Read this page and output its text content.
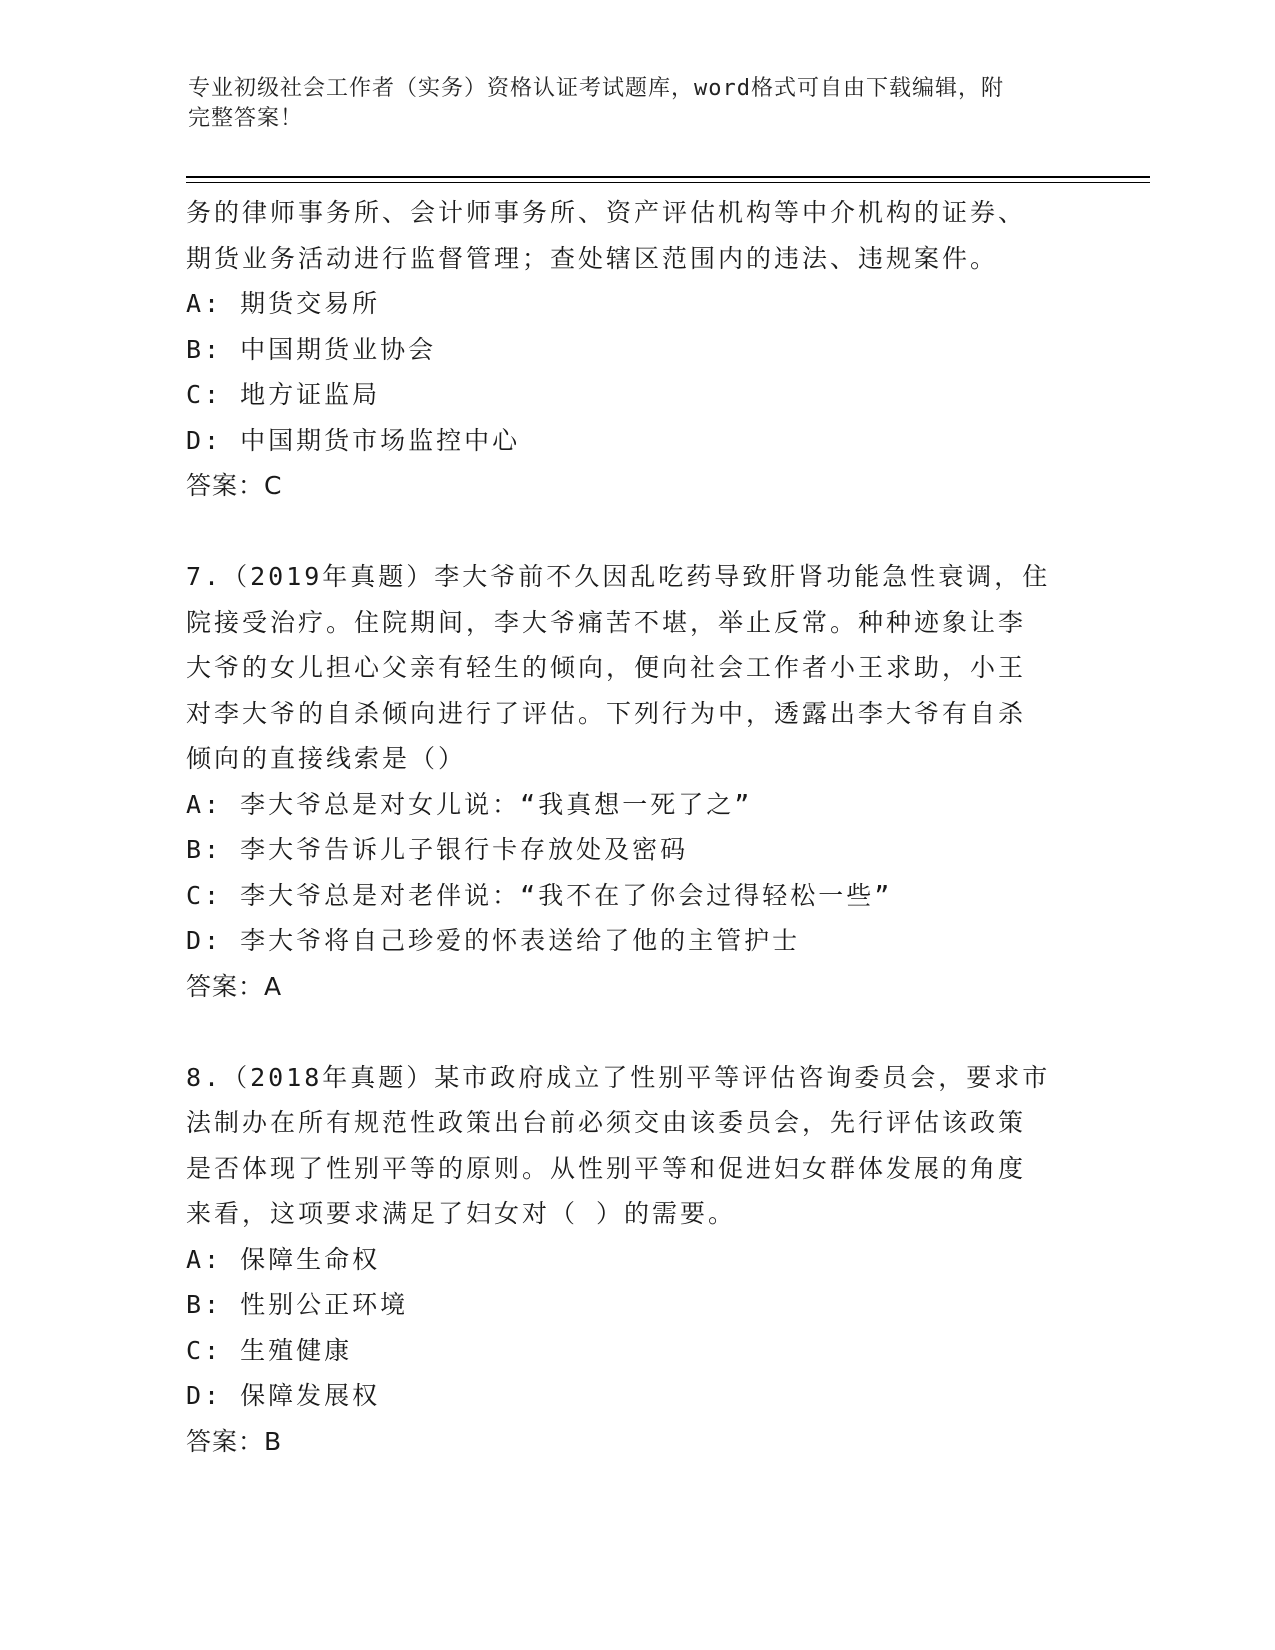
专业初级社会工作者（实务）资格认证考试题库，word格式可自由下载编辑，附
完整答案！
务的律师事务所、会计师事务所、资产评估机构等中介机构的证券、
期货业务活动进行监督管理；查处辖区范围内的违法、违规案件。
A: 期货交易所
B: 中国期货业协会
C: 地方证监局
D: 中国期货市场监控中心
答案：C
7.（2019年真题）李大爷前不久因乱吃药导致肝肾功能急性衰调，住
院接受治疗。住院期间，李大爷痛苦不堪，举止反常。种种迹象让李
大爷的女儿担心父亲有轻生的倾向，便向社会工作者小王求助，小王
对李大爷的自杀倾向进行了评估。下列行为中，透露出李大爷有自杀
倾向的直接线索是（）
A: 李大爷总是对女儿说：“我真想一死了之”
B: 李大爷告诉儿子银行卡存放处及密码
C: 李大爷总是对老伴说：“我不在了你会过得轻松一些”
D: 李大爷将自己珍爱的怀表送给了他的主管护士
答案：A
8.（2018年真题）某市政府成立了性别平等评估咨询委员会，要求市
法制办在所有规范性政策出台前必须交由该委员会，先行评估该政策
是否体现了性别平等的原则。从性别平等和促进妇女群体发展的角度
来看，这项要求满足了妇女对（ ）的需要。
A: 保障生命权
B: 性别公正环境
C: 生殖健康
D: 保障发展权
答案：B
